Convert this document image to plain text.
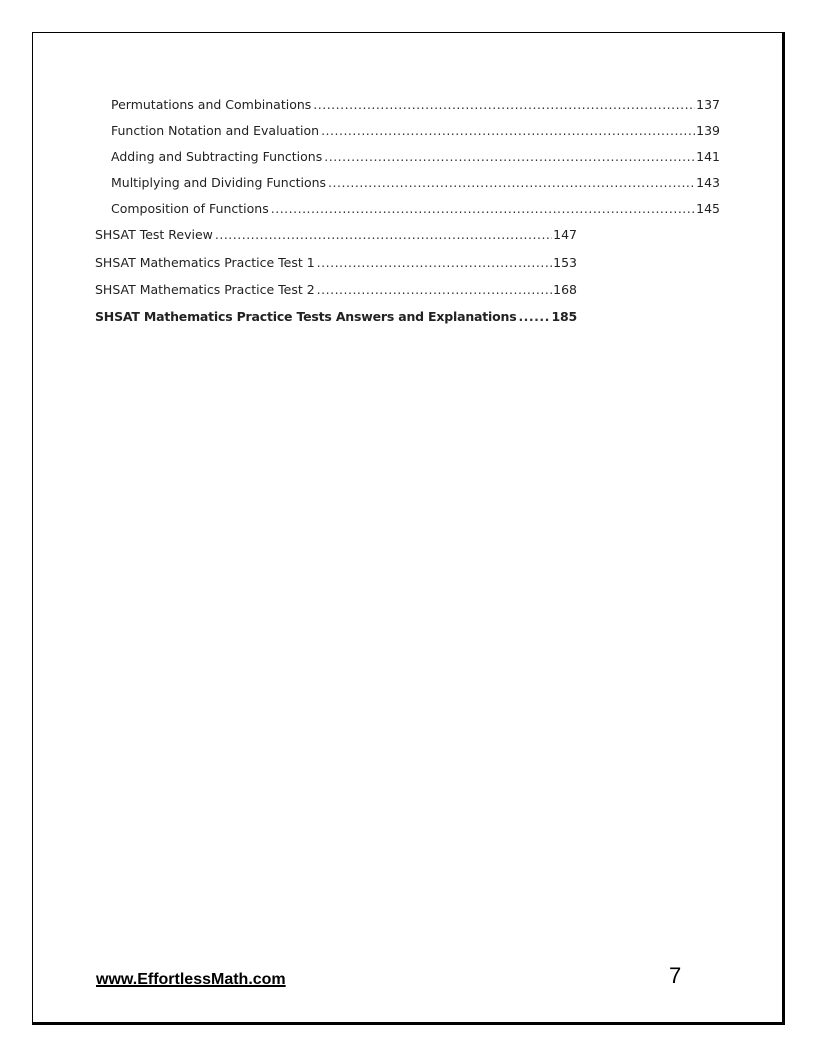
Permutations and Combinations .....	137
Function Notation and Evaluation .....	139
Adding and Subtracting Functions .....	141
Multiplying and Dividing Functions .....	143
Composition of Functions .....	145
SHSAT Test Review .....	147
SHSAT Mathematics Practice Test 1 .....	153
SHSAT Mathematics Practice Test 2 .....	168
SHSAT Mathematics Practice Tests Answers and Explanations .....	185
www.EffortlessMath.com	7
